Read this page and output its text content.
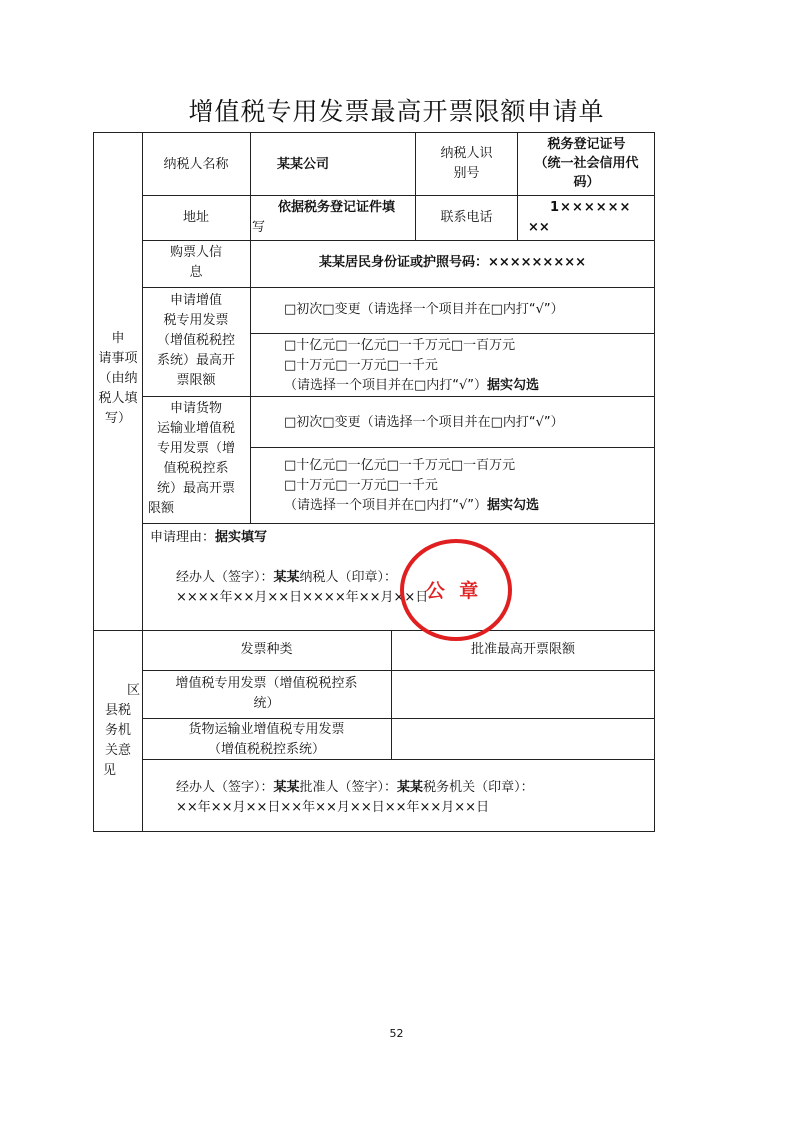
增值税专用发票最高开票限额申请单
纳税人名称	某某公司
纳税人识
别号
税务登记证号
（统一社会信用代
码）
地址
依据税务登记证件填
写
联系电话
1××××××
××
购票人信
息
某某居民身份证或护照号码：×××××××××
申
请事项
（由纳
税人填
写）
申请增值
税专用发票
（增值税税控
系统）最高开
票限额
□初次□变更（请选择一个项目并在□内打“√”）
□十亿元□一亿元□一千万元□一百万元
□十万元□一万元□一千元
（请选择一个项目并在□内打“√”）据实勾选
申请货物
运输业增值税
专用发票（增
值税税控系
统）最高开票
限额
□初次□变更（请选择一个项目并在□内打“√”）
□十亿元□一亿元□一千万元□一百万元
□十万元□一万元□一千元
（请选择一个项目并在□内打“√”）据实勾选
申请理由：据实填写
经办人（签字）：某某纳税人（印章）：
××××年××月××日××××年××月××日
区
县税
务机
关意
见
发票种类	批准最高开票限额
增值税专用发票（增值税税控系
统）
货物运输业增值税专用发票
（增值税税控系统）
经办人（签字）：某某批准人（签字）：某某税务机关（印章）：
××年××月××日××年××月××日××年××月××日
公 章
52
